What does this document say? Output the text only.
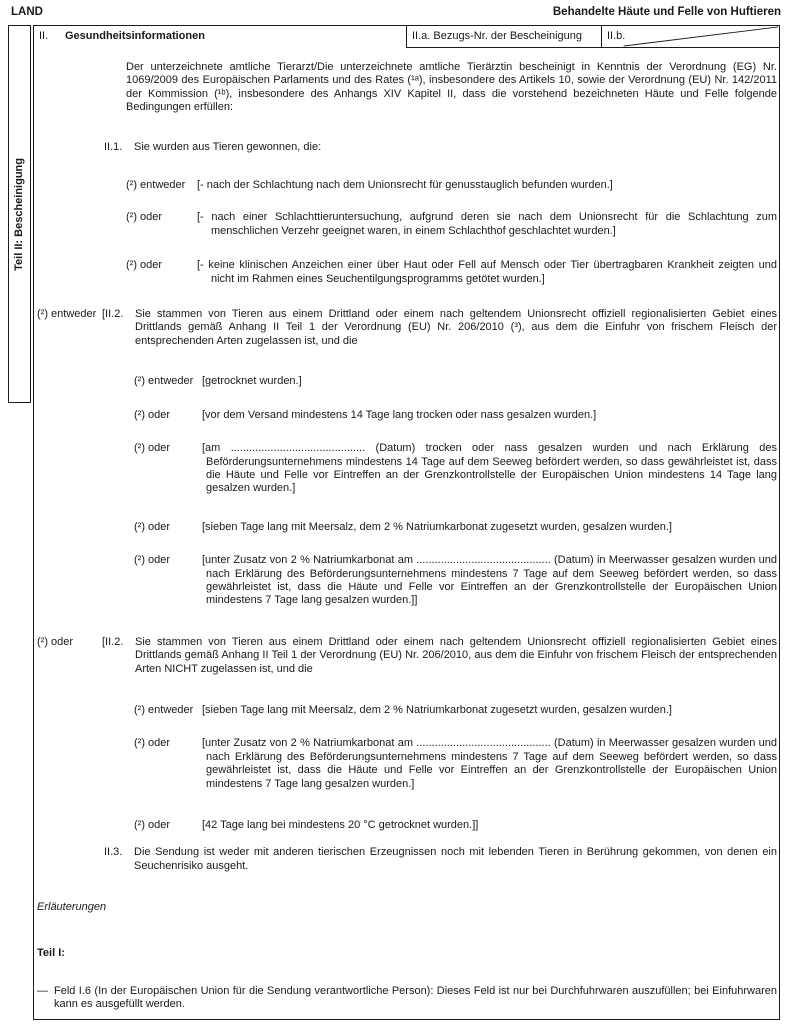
LAND	Behandelte Häute und Felle von Huftieren
Teil II: Bescheinigung
II.	Gesundheitsinformationen	II.a. Bezugs-Nr. der Bescheinigung II.b.
Der unterzeichnete amtliche Tierarzt/Die unterzeichnete amtliche Tierärztin bescheinigt in Kenntnis der Verordnung (EG) Nr. 1069/2009 des Europäischen Parlaments und des Rates (¹ᵃ), insbesondere des Artikels 10, sowie der Verordnung (EU) Nr. 142/2011 der Kommission (¹ᵇ), insbesondere des Anhangs XIV Kapitel II, dass die vorstehend bezeichneten Häute und Felle folgende Bedingungen erfüllen:
II.1.	Sie wurden aus Tieren gewonnen, die:
(²) entweder	[- nach der Schlachtung nach dem Unionsrecht für genusstauglich befunden wurden.]
(²) oder	[- nach einer Schlachttieruntersuchung, aufgrund deren sie nach dem Unionsrecht für die Schlachtung zum menschlichen Verzehr geeignet waren, in einem Schlachthof geschlachtet wurden.]
(²) oder	[- keine klinischen Anzeichen einer über Haut oder Fell auf Mensch oder Tier übertragbaren Krankheit zeigten und nicht im Rahmen eines Seuchentilgungsprogramms getötet wurden.]
(²) entweder [II.2.	Sie stammen von Tieren aus einem Drittland oder einem nach geltendem Unionsrecht offiziell regionalisierten Gebiet eines Drittlands gemäß Anhang II Teil 1 der Verordnung (EU) Nr. 206/2010 (³), aus dem die Einfuhr von frischem Fleisch der entsprechenden Arten zugelassen ist, und die
(²) entweder [getrocknet wurden.]
(²) oder	[vor dem Versand mindestens 14 Tage lang trocken oder nass gesalzen wurden.]
(²) oder	[am ............................................ (Datum) trocken oder nass gesalzen wurden und nach Erklärung des Beförderungsunternehmens mindestens 14 Tage auf dem Seeweg befördert werden, so dass gewährleistet ist, dass die Häute und Felle vor Eintreffen an der Grenzkontrollstelle der Europäischen Union mindestens 14 Tage lang gesalzen wurden.]
(²) oder	[sieben Tage lang mit Meersalz, dem 2 % Natriumkarbonat zugesetzt wurden, gesalzen wurden.]
(²) oder	[unter Zusatz von 2 % Natriumkarbonat am ............................................ (Datum) in Meerwasser gesalzen wurden und nach Erklärung des Beförderungsunternehmens mindestens 7 Tage auf dem Seeweg befördert werden, so dass gewährleistet ist, dass die Häute und Felle vor Eintreffen an der Grenzkontrollstelle der Europäischen Union mindestens 7 Tage lang gesalzen wurden.]]
(²) oder	[II.2.	Sie stammen von Tieren aus einem Drittland oder einem nach geltendem Unionsrecht offiziell regionalisierten Gebiet eines Drittlands gemäß Anhang II Teil 1 der Verordnung (EU) Nr. 206/2010, aus dem die Einfuhr von frischem Fleisch der entsprechenden Arten NICHT zugelassen ist, und die
(²) entweder [sieben Tage lang mit Meersalz, dem 2 % Natriumkarbonat zugesetzt wurden, gesalzen wurden.]
(²) oder	[unter Zusatz von 2 % Natriumkarbonat am ............................................ (Datum) in Meerwasser gesalzen wurden und nach Erklärung des Beförderungsunternehmens mindestens 7 Tage auf dem Seeweg befördert werden, so dass gewährleistet ist, dass die Häute und Felle vor Eintreffen an der Grenzkontrollstelle der Europäischen Union mindestens 7 Tage lang gesalzen wurden.]
(²) oder	[42 Tage lang bei mindestens 20 °C getrocknet wurden.]]
II.3.	Die Sendung ist weder mit anderen tierischen Erzeugnissen noch mit lebenden Tieren in Berührung gekommen, von denen ein Seuchenrisiko ausgeht.
Erläuterungen
Teil I:
— Feld I.6 (In der Europäischen Union für die Sendung verantwortliche Person): Dieses Feld ist nur bei Durchfuhrwaren auszufüllen; bei Einfuhrwaren kann es ausgefüllt werden.
